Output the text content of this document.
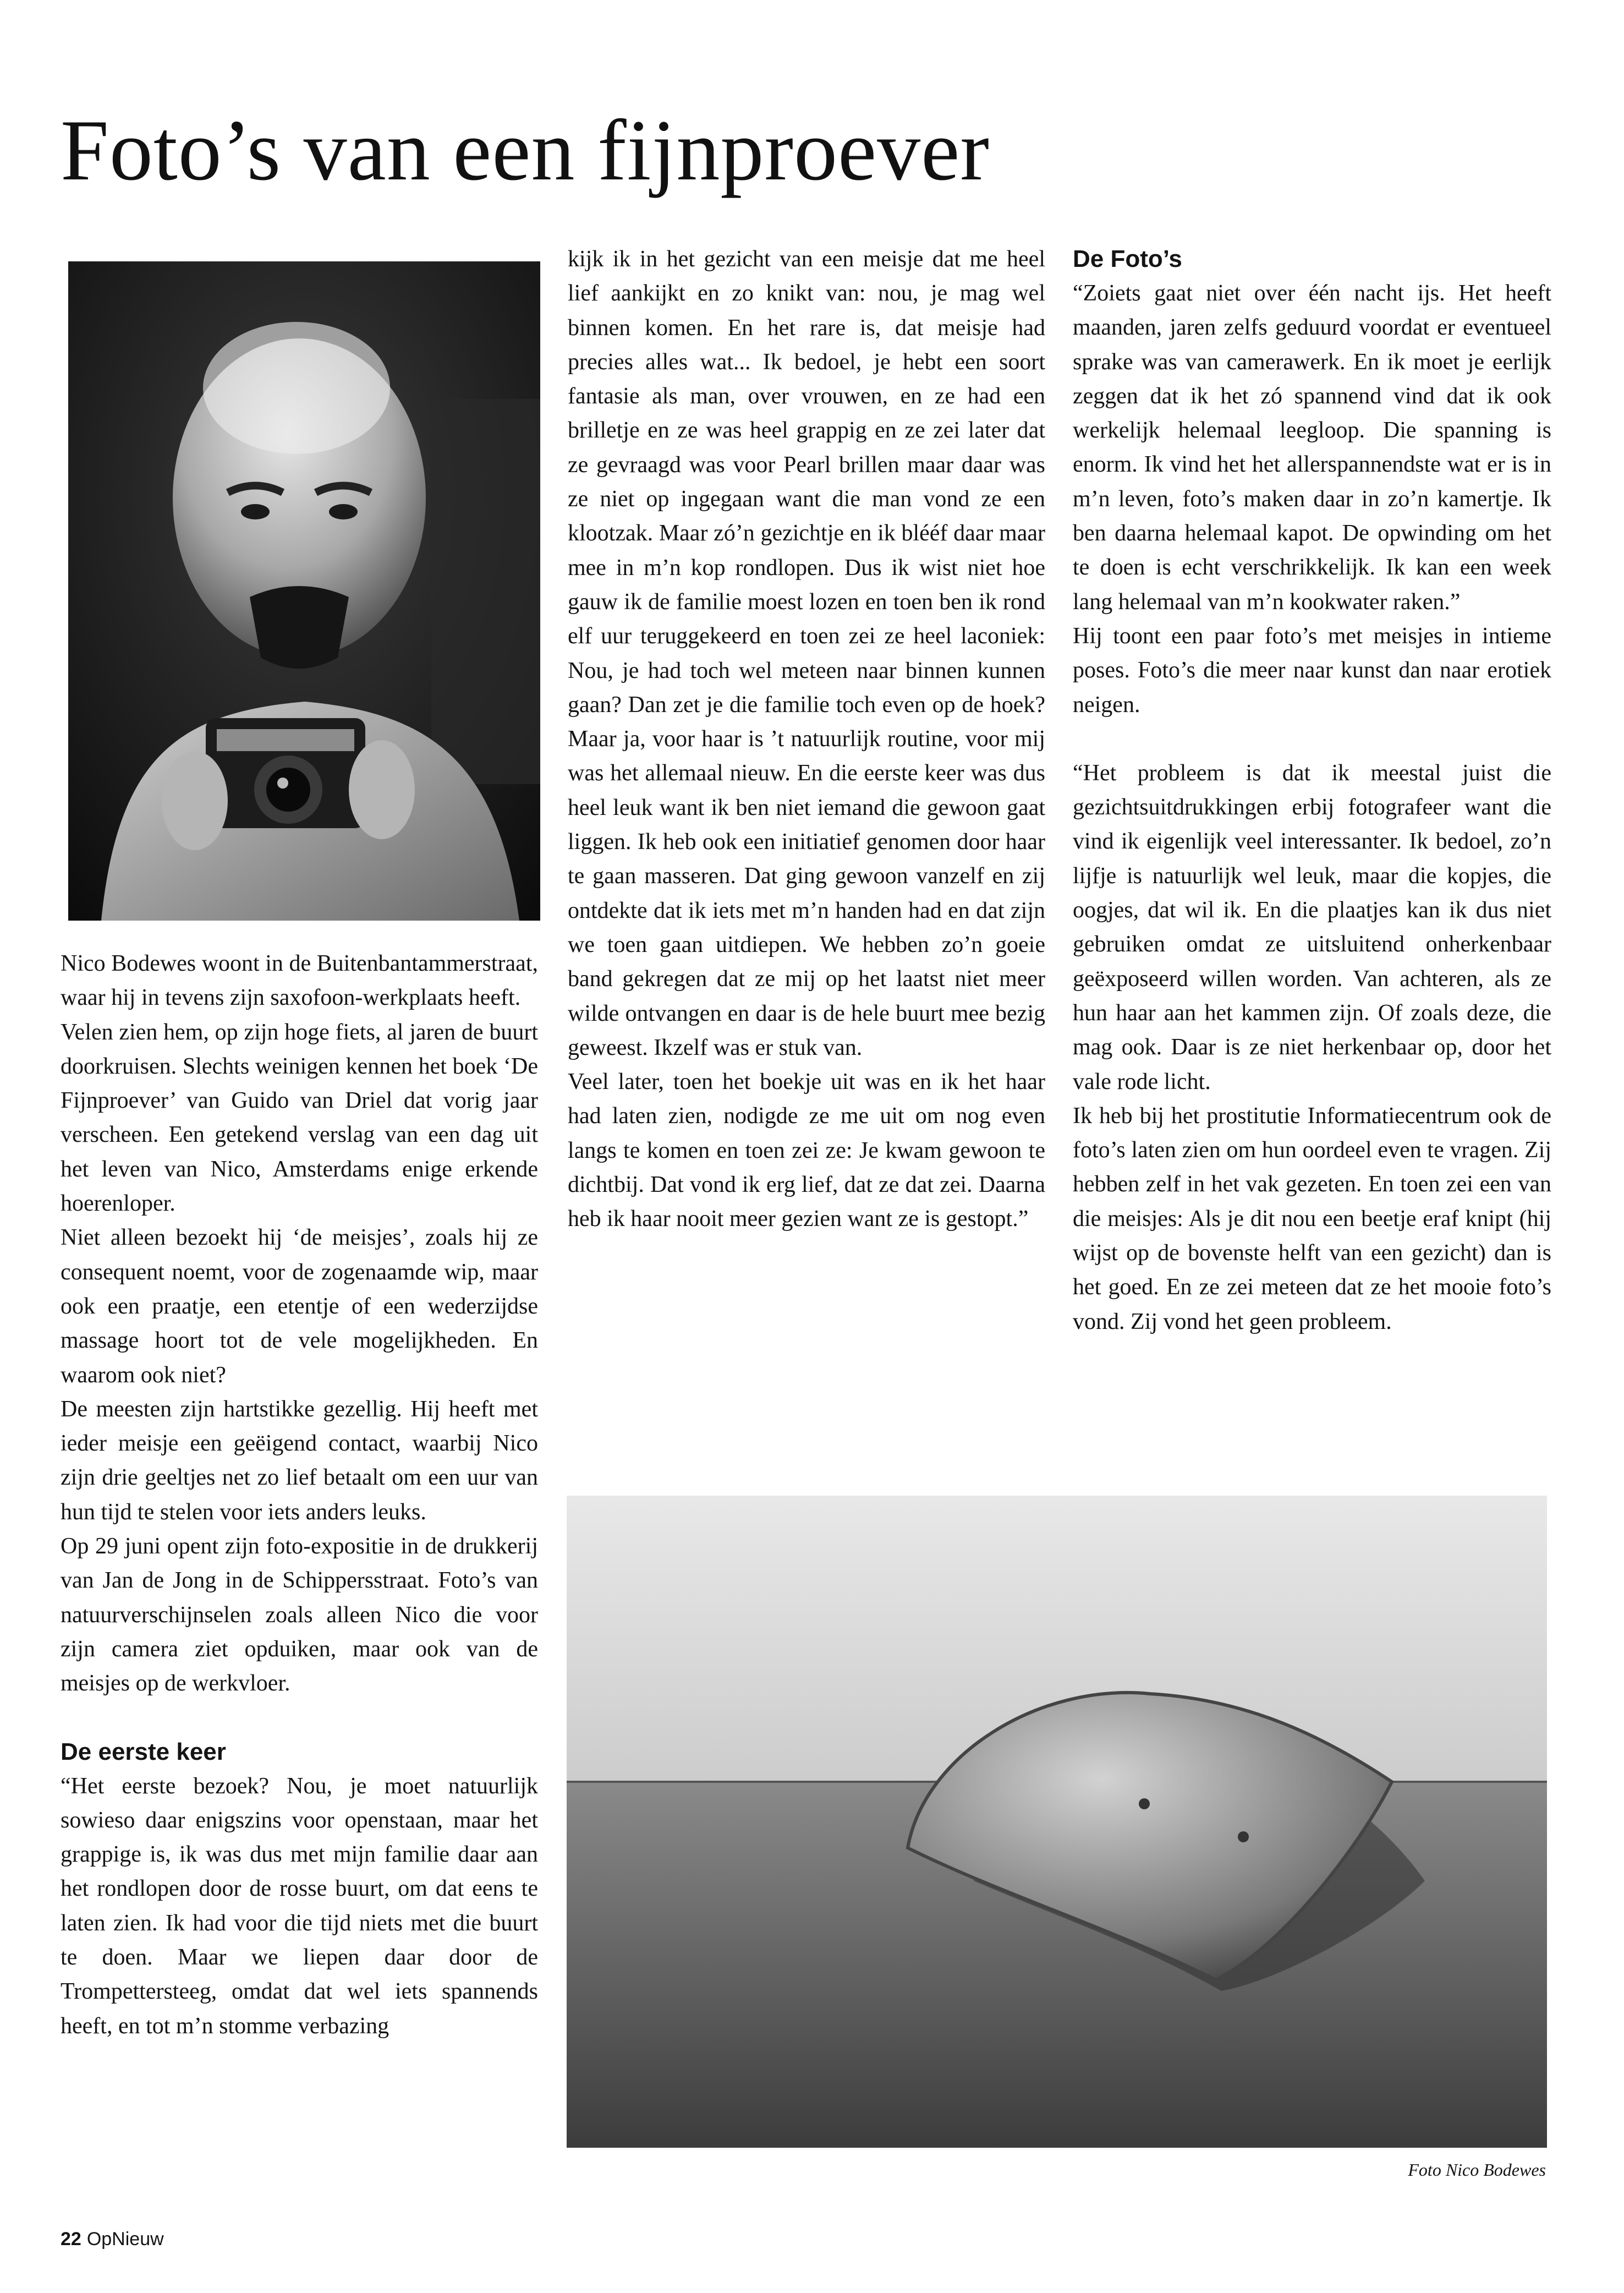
Foto’s van een fijnproever

Nico Bodewes woont in de Buitenbantammerstraat, waar hij in tevens zijn saxofoon-werkplaats heeft.

Velen zien hem, op zijn hoge fiets, al jaren de buurt doorkruisen. Slechts weinigen kennen het boek ‘De Fijnproever’ van Guido van Driel dat vorig jaar verscheen. Een getekend verslag van een dag uit het leven van Nico, Amsterdams enige erkende hoerenloper.

Niet alleen bezoekt hij ‘de meisjes’, zoals hij ze consequent noemt, voor de zogenaamde wip, maar ook een praatje, een etentje of een wederzijdse massage hoort tot de vele mogelijkheden. En waarom ook niet?

De meesten zijn hartstikke gezellig. Hij heeft met ieder meisje een geëigend contact, waarbij Nico zijn drie geeltjes net zo lief betaalt om een uur van hun tijd te stelen voor iets anders leuks.

Op 29 juni opent zijn foto-expositie in de drukkerij van Jan de Jong in de Schippersstraat. Foto’s van natuurverschijnselen zoals alleen Nico die voor zijn camera ziet opduiken, maar ook van de meisjes op de werkvloer.

De eerste keer

“Het eerste bezoek? Nou, je moet natuurlijk sowieso daar enigszins voor openstaan, maar het grappige is, ik was dus met mijn familie daar aan het rondlopen door de rosse buurt, om dat eens te laten zien. Ik had voor die tijd niets met die buurt te doen. Maar we liepen daar door de Trompettersteeg, omdat dat wel iets spannends heeft, en tot m’n stomme verbazing

kijk ik in het gezicht van een meisje dat me heel lief aankijkt en zo knikt van: nou, je mag wel binnen komen. En het rare is, dat meisje had precies alles wat... Ik bedoel, je hebt een soort fantasie als man, over vrouwen, en ze had een brilletje en ze was heel grappig en ze zei later dat ze gevraagd was voor Pearl brillen maar daar was ze niet op ingegaan want die man vond ze een klootzak. Maar zó’n gezichtje en ik blééf daar maar mee in m’n kop rondlopen. Dus ik wist niet hoe gauw ik de familie moest lozen en toen ben ik rond elf uur teruggekeerd en toen zei ze heel laconiek: Nou, je had toch wel meteen naar binnen kunnen gaan? Dan zet je die familie toch even op de hoek? Maar ja, voor haar is ’t natuurlijk routine, voor mij was het allemaal nieuw. En die eerste keer was dus heel leuk want ik ben niet iemand die gewoon gaat liggen. Ik heb ook een initiatief genomen door haar te gaan masseren. Dat ging gewoon vanzelf en zij ontdekte dat ik iets met m’n handen had en dat zijn we toen gaan uitdiepen. We hebben zo’n goeie band gekregen dat ze mij op het laatst niet meer wilde ontvangen en daar is de hele buurt mee bezig geweest. Ikzelf was er stuk van.

Veel later, toen het boekje uit was en ik het haar had laten zien, nodigde ze me uit om nog even langs te komen en toen zei ze: Je kwam gewoon te dichtbij. Dat vond ik erg lief, dat ze dat zei. Daarna heb ik haar nooit meer gezien want ze is gestopt.”

De Foto’s

“Zoiets gaat niet over één nacht ijs. Het heeft maanden, jaren zelfs geduurd voordat er eventueel sprake was van camerawerk. En ik moet je eerlijk zeggen dat ik het zó spannend vind dat ik ook werkelijk helemaal leegloop. Die spanning is enorm. Ik vind het het allerspannendste wat er is in m’n leven, foto’s maken daar in zo’n kamertje. Ik ben daarna helemaal kapot. De opwinding om het te doen is echt verschrikkelijk. Ik kan een week lang helemaal van m’n kookwater raken.”

Hij toont een paar foto’s met meisjes in intieme poses. Foto’s die meer naar kunst dan naar erotiek neigen.

“Het probleem is dat ik meestal juist die gezichtsuitdrukkingen erbij fotografeer want die vind ik eigenlijk veel interessanter. Ik bedoel, zo’n lijfje is natuurlijk wel leuk, maar die kopjes, die oogjes, dat wil ik. En die plaatjes kan ik dus niet gebruiken omdat ze uitsluitend onherkenbaar geëxposeerd willen worden. Van achteren, als ze hun haar aan het kammen zijn. Of zoals deze, die mag ook. Daar is ze niet herkenbaar op, door het vale rode licht.

Ik heb bij het prostitutie Informatiecentrum ook de foto’s laten zien om hun oordeel even te vragen. Zij hebben zelf in het vak gezeten. En toen zei een van die meisjes: Als je dit nou een beetje eraf knipt (hij wijst op de bovenste helft van een gezicht) dan is het goed. En ze zei meteen dat ze het mooie foto’s vond. Zij vond het geen probleem.

Foto Nico Bodewes
22 OpNieuw
